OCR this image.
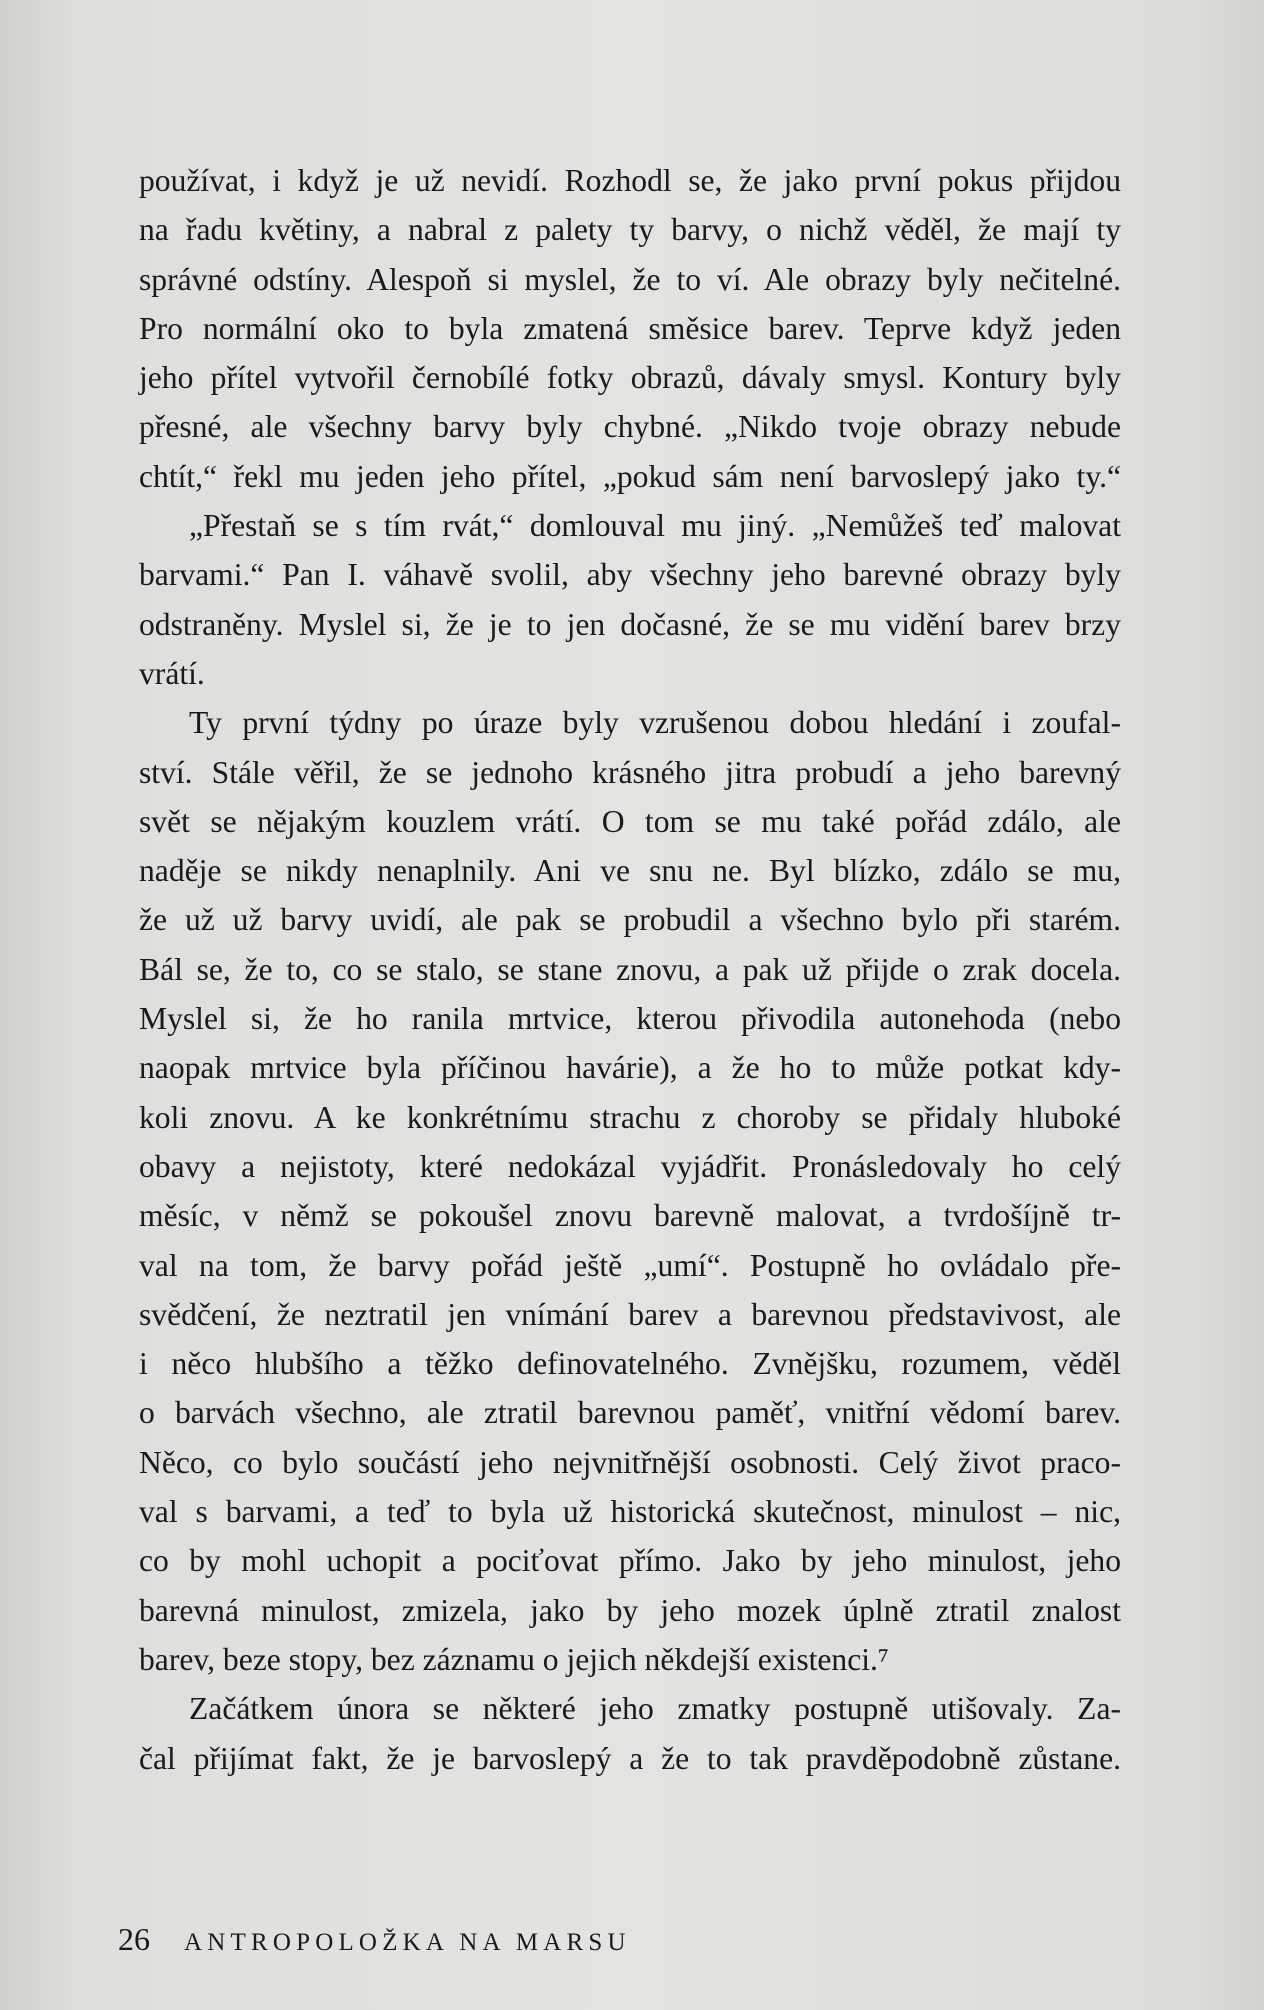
používat, i když je už nevidí. Rozhodl se, že jako první pokus přijdou
na řadu květiny, a nabral z palety ty barvy, o nichž věděl, že mají ty
správné odstíny. Alespoň si myslel, že to ví. Ale obrazy byly nečitelné.
Pro normální oko to byla zmatená směsice barev. Teprve když jeden
jeho přítel vytvořil černobílé fotky obrazů, dávaly smysl. Kontury byly
přesné, ale všechny barvy byly chybné. „Nikdo tvoje obrazy nebude
chtít,“ řekl mu jeden jeho přítel, „pokud sám není barvoslepý jako ty.“
„Přestaň se s tím rvát,“ domlouval mu jiný. „Nemůžeš teď malovat
barvami.“ Pan I. váhavě svolil, aby všechny jeho barevné obrazy byly
odstraněny. Myslel si, že je to jen dočasné, že se mu vidění barev brzy
vrátí.
Ty první týdny po úraze byly vzrušenou dobou hledání i zoufal-
ství. Stále věřil, že se jednoho krásného jitra probudí a jeho barevný
svět se nějakým kouzlem vrátí. O tom se mu také pořád zdálo, ale
naděje se nikdy nenaplnily. Ani ve snu ne. Byl blízko, zdálo se mu,
že už už barvy uvidí, ale pak se probudil a všechno bylo při starém.
Bál se, že to, co se stalo, se stane znovu, a pak už přijde o zrak docela.
Myslel si, že ho ranila mrtvice, kterou přivodila autonehoda (nebo
naopak mrtvice byla příčinou havárie), a že ho to může potkat kdy-
koli znovu. A ke konkrétnímu strachu z choroby se přidaly hluboké
obavy a nejistoty, které nedokázal vyjádřit. Pronásledovaly ho celý
měsíc, v němž se pokoušel znovu barevně malovat, a tvrdošíjně tr-
val na tom, že barvy pořád ještě „umí“. Postupně ho ovládalo pře-
svědčení, že neztratil jen vnímání barev a barevnou představivost, ale
i něco hlubšího a těžko definovatelného. Zvnějšku, rozumem, věděl
o barvách všechno, ale ztratil barevnou paměť, vnitřní vědomí barev.
Něco, co bylo součástí jeho nejvnitřnější osobnosti. Celý život praco-
val s barvami, a teď to byla už historická skutečnost, minulost – nic,
co by mohl uchopit a pociťovat přímo. Jako by jeho minulost, jeho
barevná minulost, zmizela, jako by jeho mozek úplně ztratil znalost
barev, beze stopy, bez záznamu o jejich někdejší existenci.⁷
Začátkem února se některé jeho zmatky postupně utišovaly. Za-
čal přijímat fakt, že je barvoslepý a že to tak pravděpodobně zůstane.
26 ANTROPOLOŽKA NA MARSU
